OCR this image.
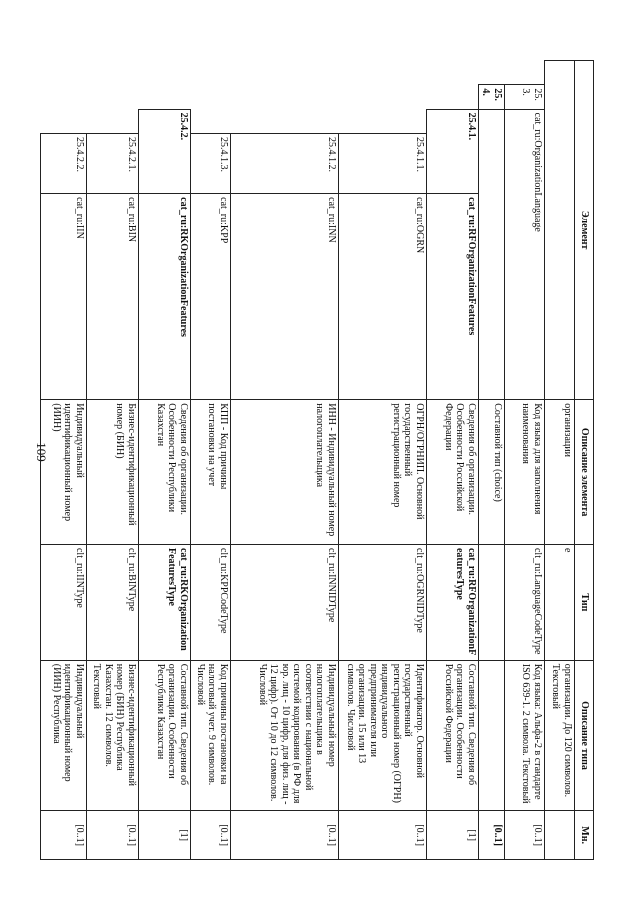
109
Элемент					Описание элемента	Тип	Описание типа	Мн.
					организации	e	организации. До 120 символов. Текстовый	
	25.3.	cat_ru:OrganizationLanguage			Код языка для заполнения наименования	clt_ru:LanguageCodeType	Код языка: Альфа-2 в стандарте ISO 639-1. 2 символа. Текстовый	[0..1]
	25.4.				Составной тип (choice)			[0..1]
		25.4.1.		cat_ru:RFOrganizationFeatures	Сведения об организации. Особенности Российской Федерации	cat_ru:RFOrganizationFeaturesType	Составной тип. Сведения об организации. Особенности Российской Федерации	[1]
			25.4.1.1.	cat_ru:OGRN	ОГРН/ОГРНИП. Основной государственный регистрационный номер	clt_ru:OGRNIDType	Идентификатор. Основной государственный регистрационный номер (ОГРН) индивидуального предпринимателя или организации. 15 или 13 символов. Числовой	[0..1]
			25.4.1.2.	cat_ru:INN	ИНН - Индивидуальный номер налогоплательщика	clt_ru:INNIDType	Индивидуальный номер налогоплательщика в соответствии с национальной системой кодирования (в РФ для юр. лиц - 10 цифр, для физ. лиц - 12 цифр). От 10 до 12 символов. Числовой	[0..1]
			25.4.1.3.	cat_ru:KPP	КПП - Код причины постановки на учет	clt_ru:KPPCodeType	Код причины постановки на налоговый учет. 9 символов. Числовой	[0..1]
		25.4.2.		cat_ru:RKOrganizationFeatures	Сведения об организации. Особенности Республики Казахстан	cat_ru:RKOrganizationFeaturesType	Составной тип. Сведения об организации. Особенности Республики Казахстан	[1]
			25.4.2.1.	cat_ru:BIN	Бизнес-идентификационный номер (БИН)	clt_ru:BINType	Бизнес-идентификационный номер (БИН) Республика Казахстан. 12 символов. Текстовый	[0..1]
			25.4.2.2.	cat_ru:IIN	Индивидуальный идентификационный номер (ИИН)	clt_ru:IINType	Индивидуальный идентификационный номер (ИИН) Республика	[0..1]
